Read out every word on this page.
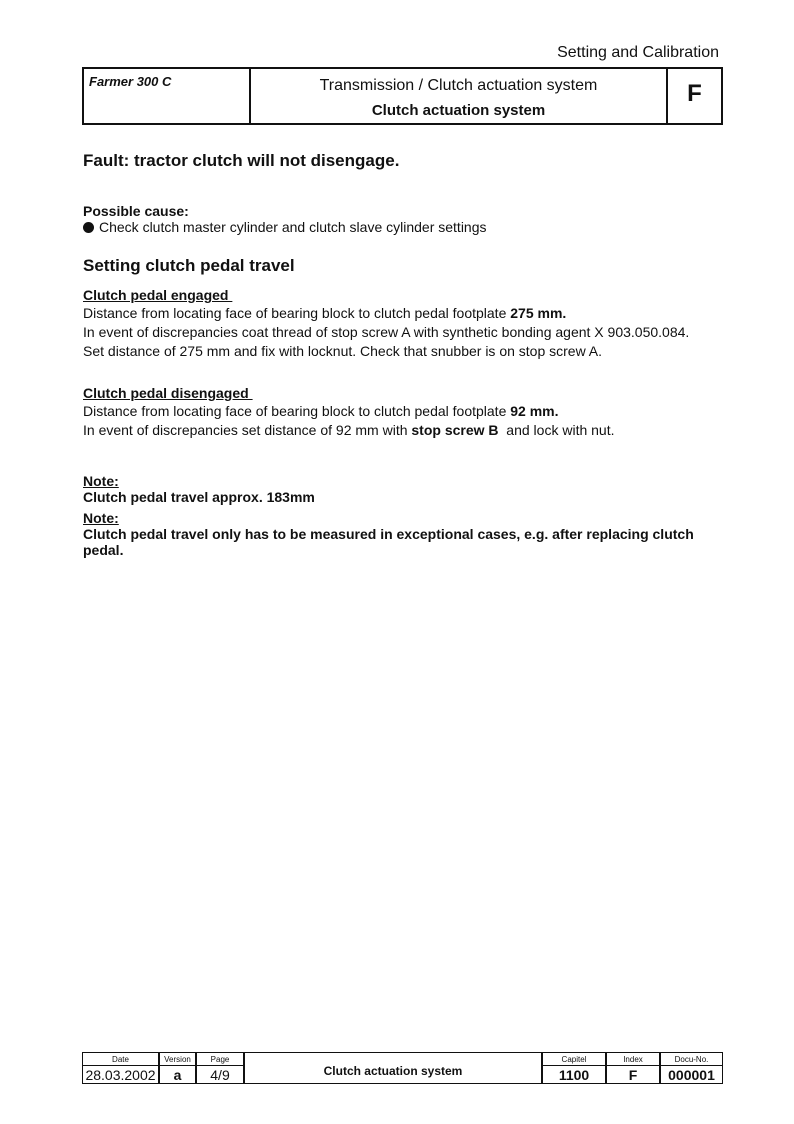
Setting and Calibration
Farmer 300 C	Transmission / Clutch actuation system
Clutch actuation system
F
Fault: tractor clutch will not disengage.
Possible cause:
Check clutch master cylinder and clutch slave cylinder settings
Setting clutch pedal travel
Clutch pedal engaged
Distance from locating face of bearing block to clutch pedal footplate 275 mm.
In event of discrepancies coat thread of stop screw A with synthetic bonding agent X 903.050.084.
Set distance of 275 mm and fix with locknut. Check that snubber is on stop screw A.
Clutch pedal disengaged
Distance from locating face of bearing block to clutch pedal footplate 92 mm.
In event of discrepancies set distance of 92 mm with stop screw B  and lock with nut.
Note:
Clutch pedal travel approx. 183mm
Note:
Clutch pedal travel only has to be measured in exceptional cases, e.g. after replacing clutch
pedal.
Date
28.03.2002
Version
a
Page
4/9	Clutch actuation system
Capitel
1100
Index
F
Docu-No.
000001
